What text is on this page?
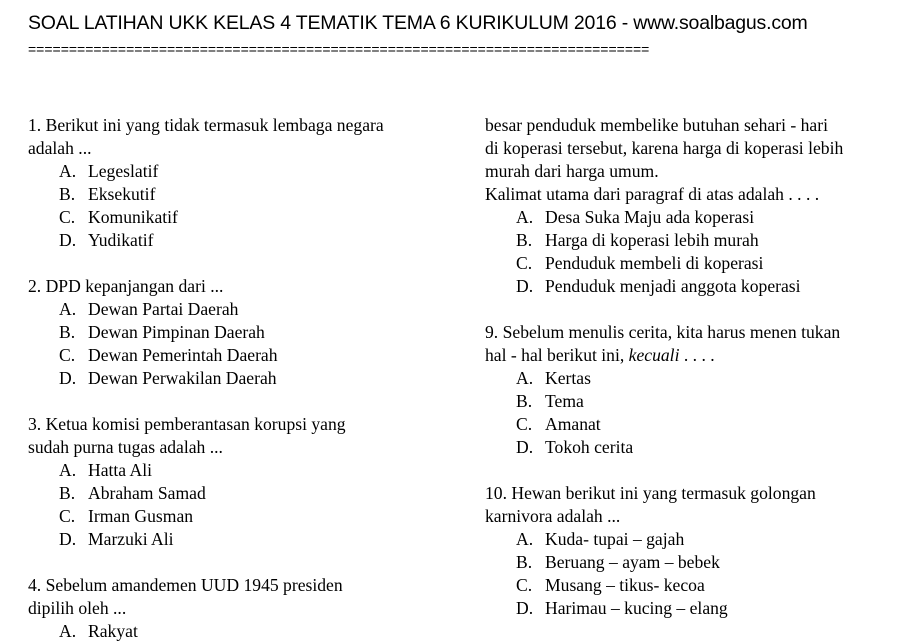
SOAL LATIHAN UKK KELAS 4 TEMATIK TEMA 6 KURIKULUM 2016 - www.soalbagus.com
============================================================================
1. Berikut ini yang tidak termasuk lembaga negara
adalah ...
A. Legeslatif
B. Eksekutif
C. Komunikatif
D. Yudikatif
2. DPD kepanjangan dari ...
A. Dewan Partai Daerah
B. Dewan Pimpinan Daerah
C. Dewan Pemerintah Daerah
D. Dewan Perwakilan Daerah
3. Ketua komisi pemberantasan korupsi yang
sudah purna tugas adalah ...
A. Hatta Ali
B. Abraham Samad
C. Irman Gusman
D. Marzuki Ali
4. Sebelum amandemen UUD 1945 presiden
dipilih oleh ...
A. Rakyat
besar penduduk membelike butuhan sehari - hari
di koperasi tersebut, karena harga di koperasi lebih
murah dari harga umum.
Kalimat utama dari paragraf di atas adalah . . . .
A. Desa Suka Maju ada koperasi
B. Harga di koperasi lebih murah
C. Penduduk membeli di koperasi
D. Penduduk menjadi anggota koperasi
9. Sebelum menulis cerita, kita harus menen tukan
hal - hal berikut ini, kecuali . . . .
A. Kertas
B. Tema
C. Amanat
D. Tokoh cerita
10. Hewan berikut ini yang termasuk golongan
karnivora adalah ...
A. Kuda- tupai – gajah
B. Beruang – ayam – bebek
C. Musang – tikus- kecoa
D. Harimau – kucing – elang
